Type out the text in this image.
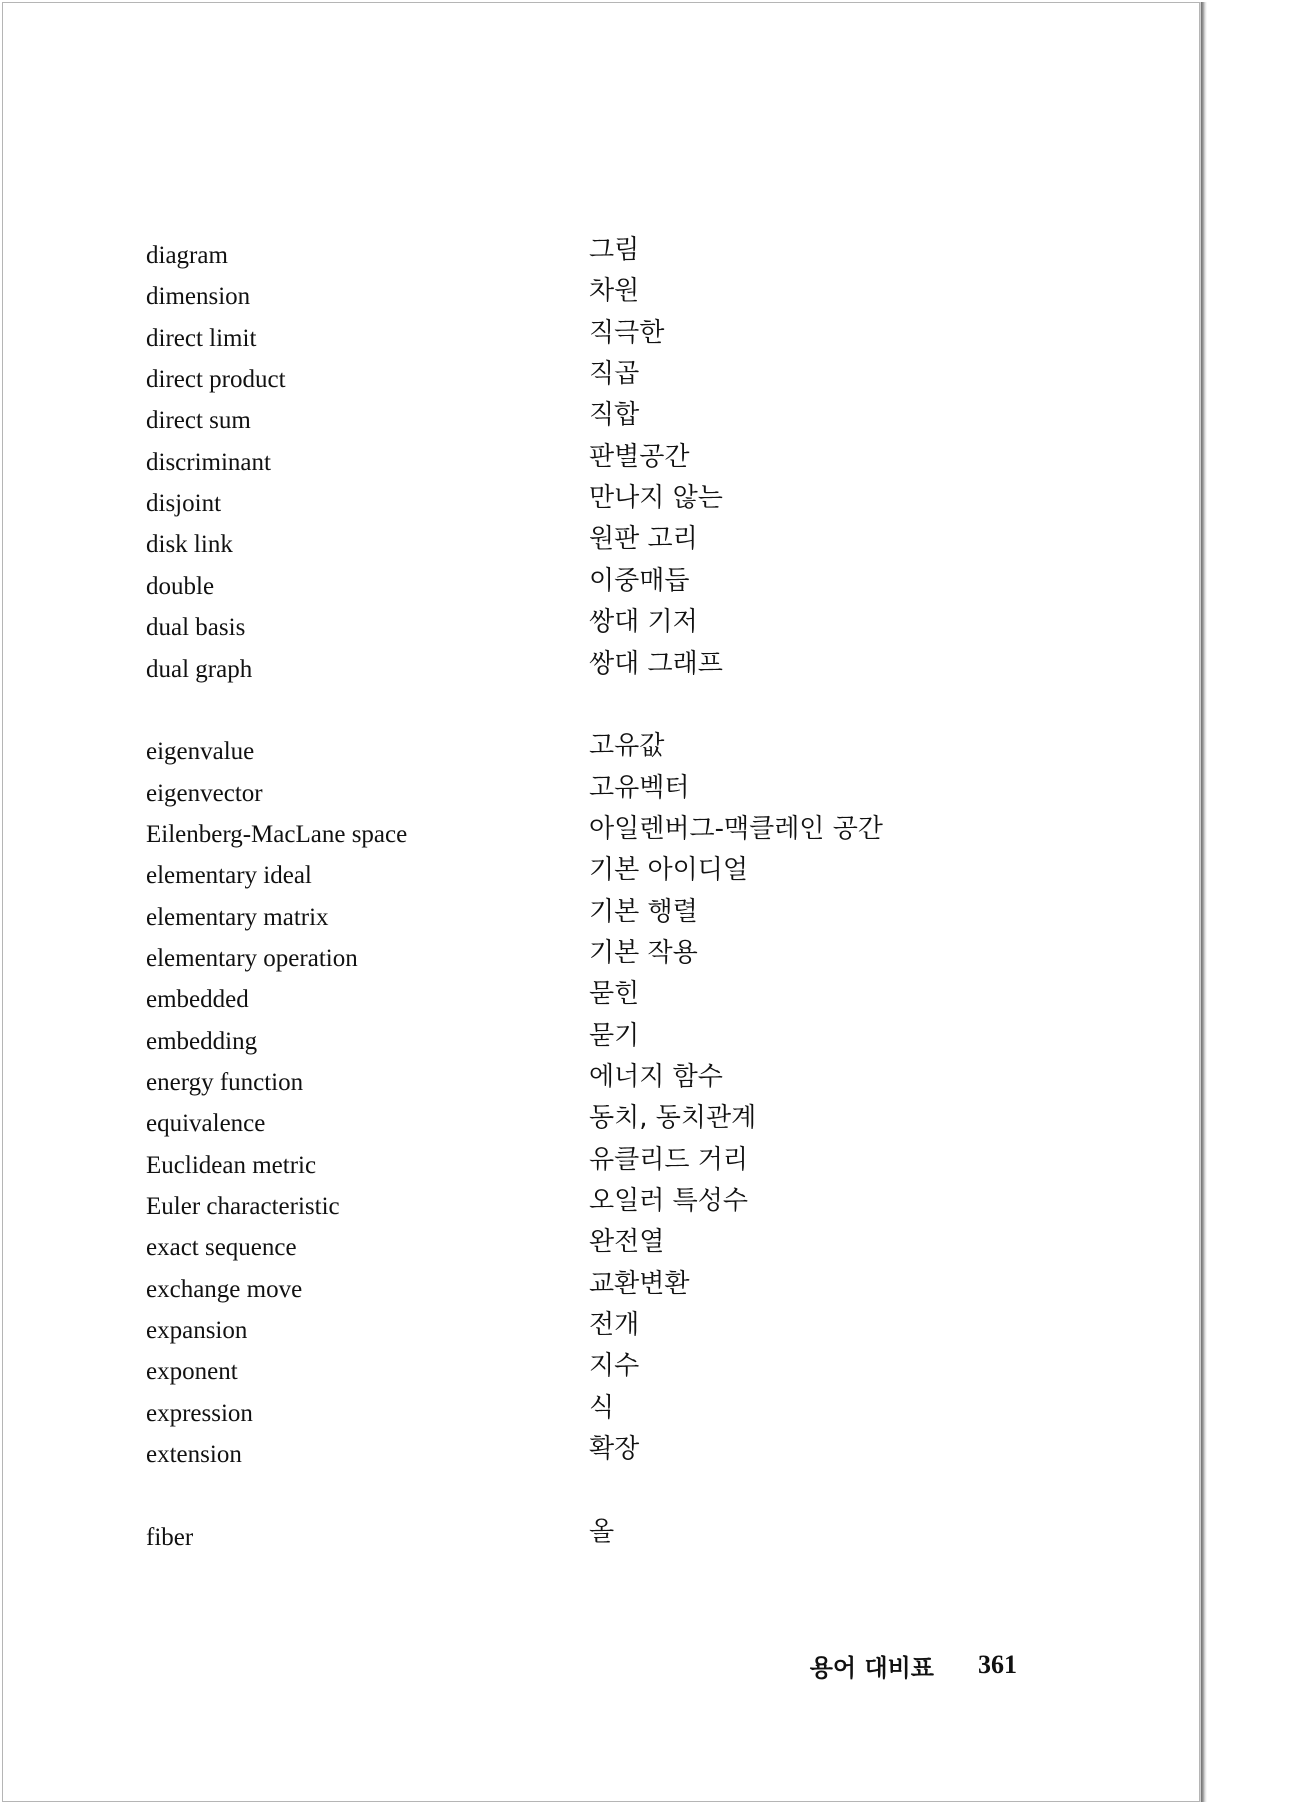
diagram	그림
dimension	차원
direct limit	직극한
direct product	직곱
direct sum	직합
discriminant	판별공간
disjoint	만나지 않는
disk link	원판 고리
double	이중매듭
dual basis	쌍대 기저
dual graph	쌍대 그래프
eigenvalue	고유값
eigenvector	고유벡터
Eilenberg-MacLane space	아일렌버그-맥클레인 공간
elementary ideal	기본 아이디얼
elementary matrix	기본 행렬
elementary operation	기본 작용
embedded	묻힌
embedding	묻기
energy function	에너지 함수
equivalence	동치, 동치관계
Euclidean metric	유클리드 거리
Euler characteristic	오일러 특성수
exact sequence	완전열
exchange move	교환변환
expansion	전개
exponent	지수
expression	식
extension	확장
fiber	올
용어 대비표 361
